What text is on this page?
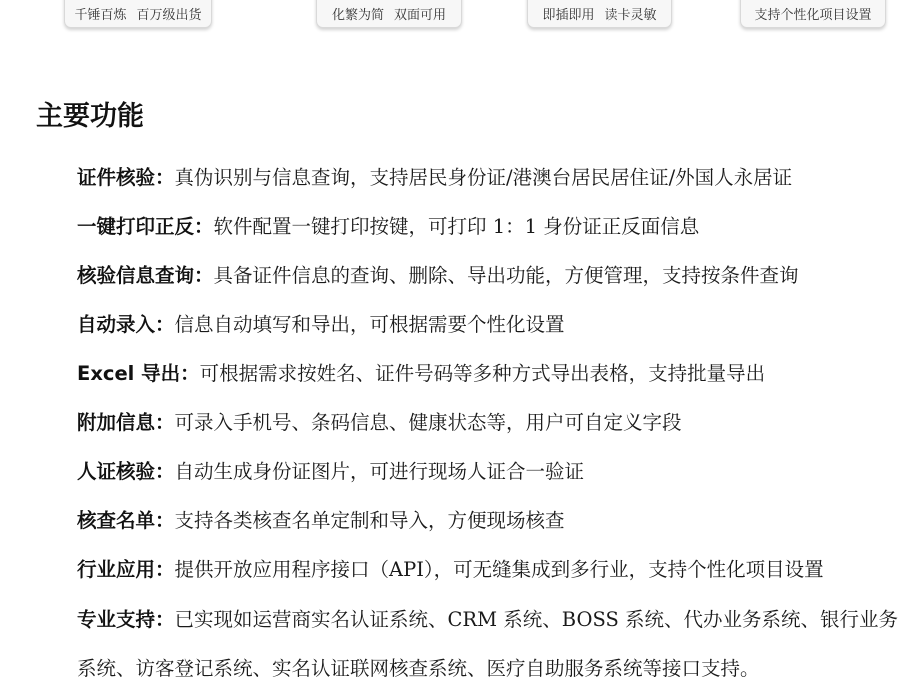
千锤百炼 百万级出货	化繁为简 双面可用	即插即用 读卡灵敏	支持个性化项目设置
主要功能
证件核验：真伪识别与信息查询，支持居民身份证/港澳台居民居住证/外国人永居证
一键打印正反：软件配置一键打印按键，可打印 1：1 身份证正反面信息
核验信息查询：具备证件信息的查询、删除、导出功能，方便管理，支持按条件查询
自动录入：信息自动填写和导出，可根据需要个性化设置
Excel 导出：可根据需求按姓名、证件号码等多种方式导出表格，支持批量导出
附加信息：可录入手机号、条码信息、健康状态等，用户可自定义字段
人证核验：自动生成身份证图片，可进行现场人证合一验证
核查名单：支持各类核查名单定制和导入，方便现场核查
行业应用：提供开放应用程序接口（API），可无缝集成到多行业，支持个性化项目设置
专业支持：已实现如运营商实名认证系统、CRM 系统、BOSS 系统、代办业务系统、银行业务系统、访客登记系统、实名认证联网核查系统、医疗自助服务系统等接口支持。
